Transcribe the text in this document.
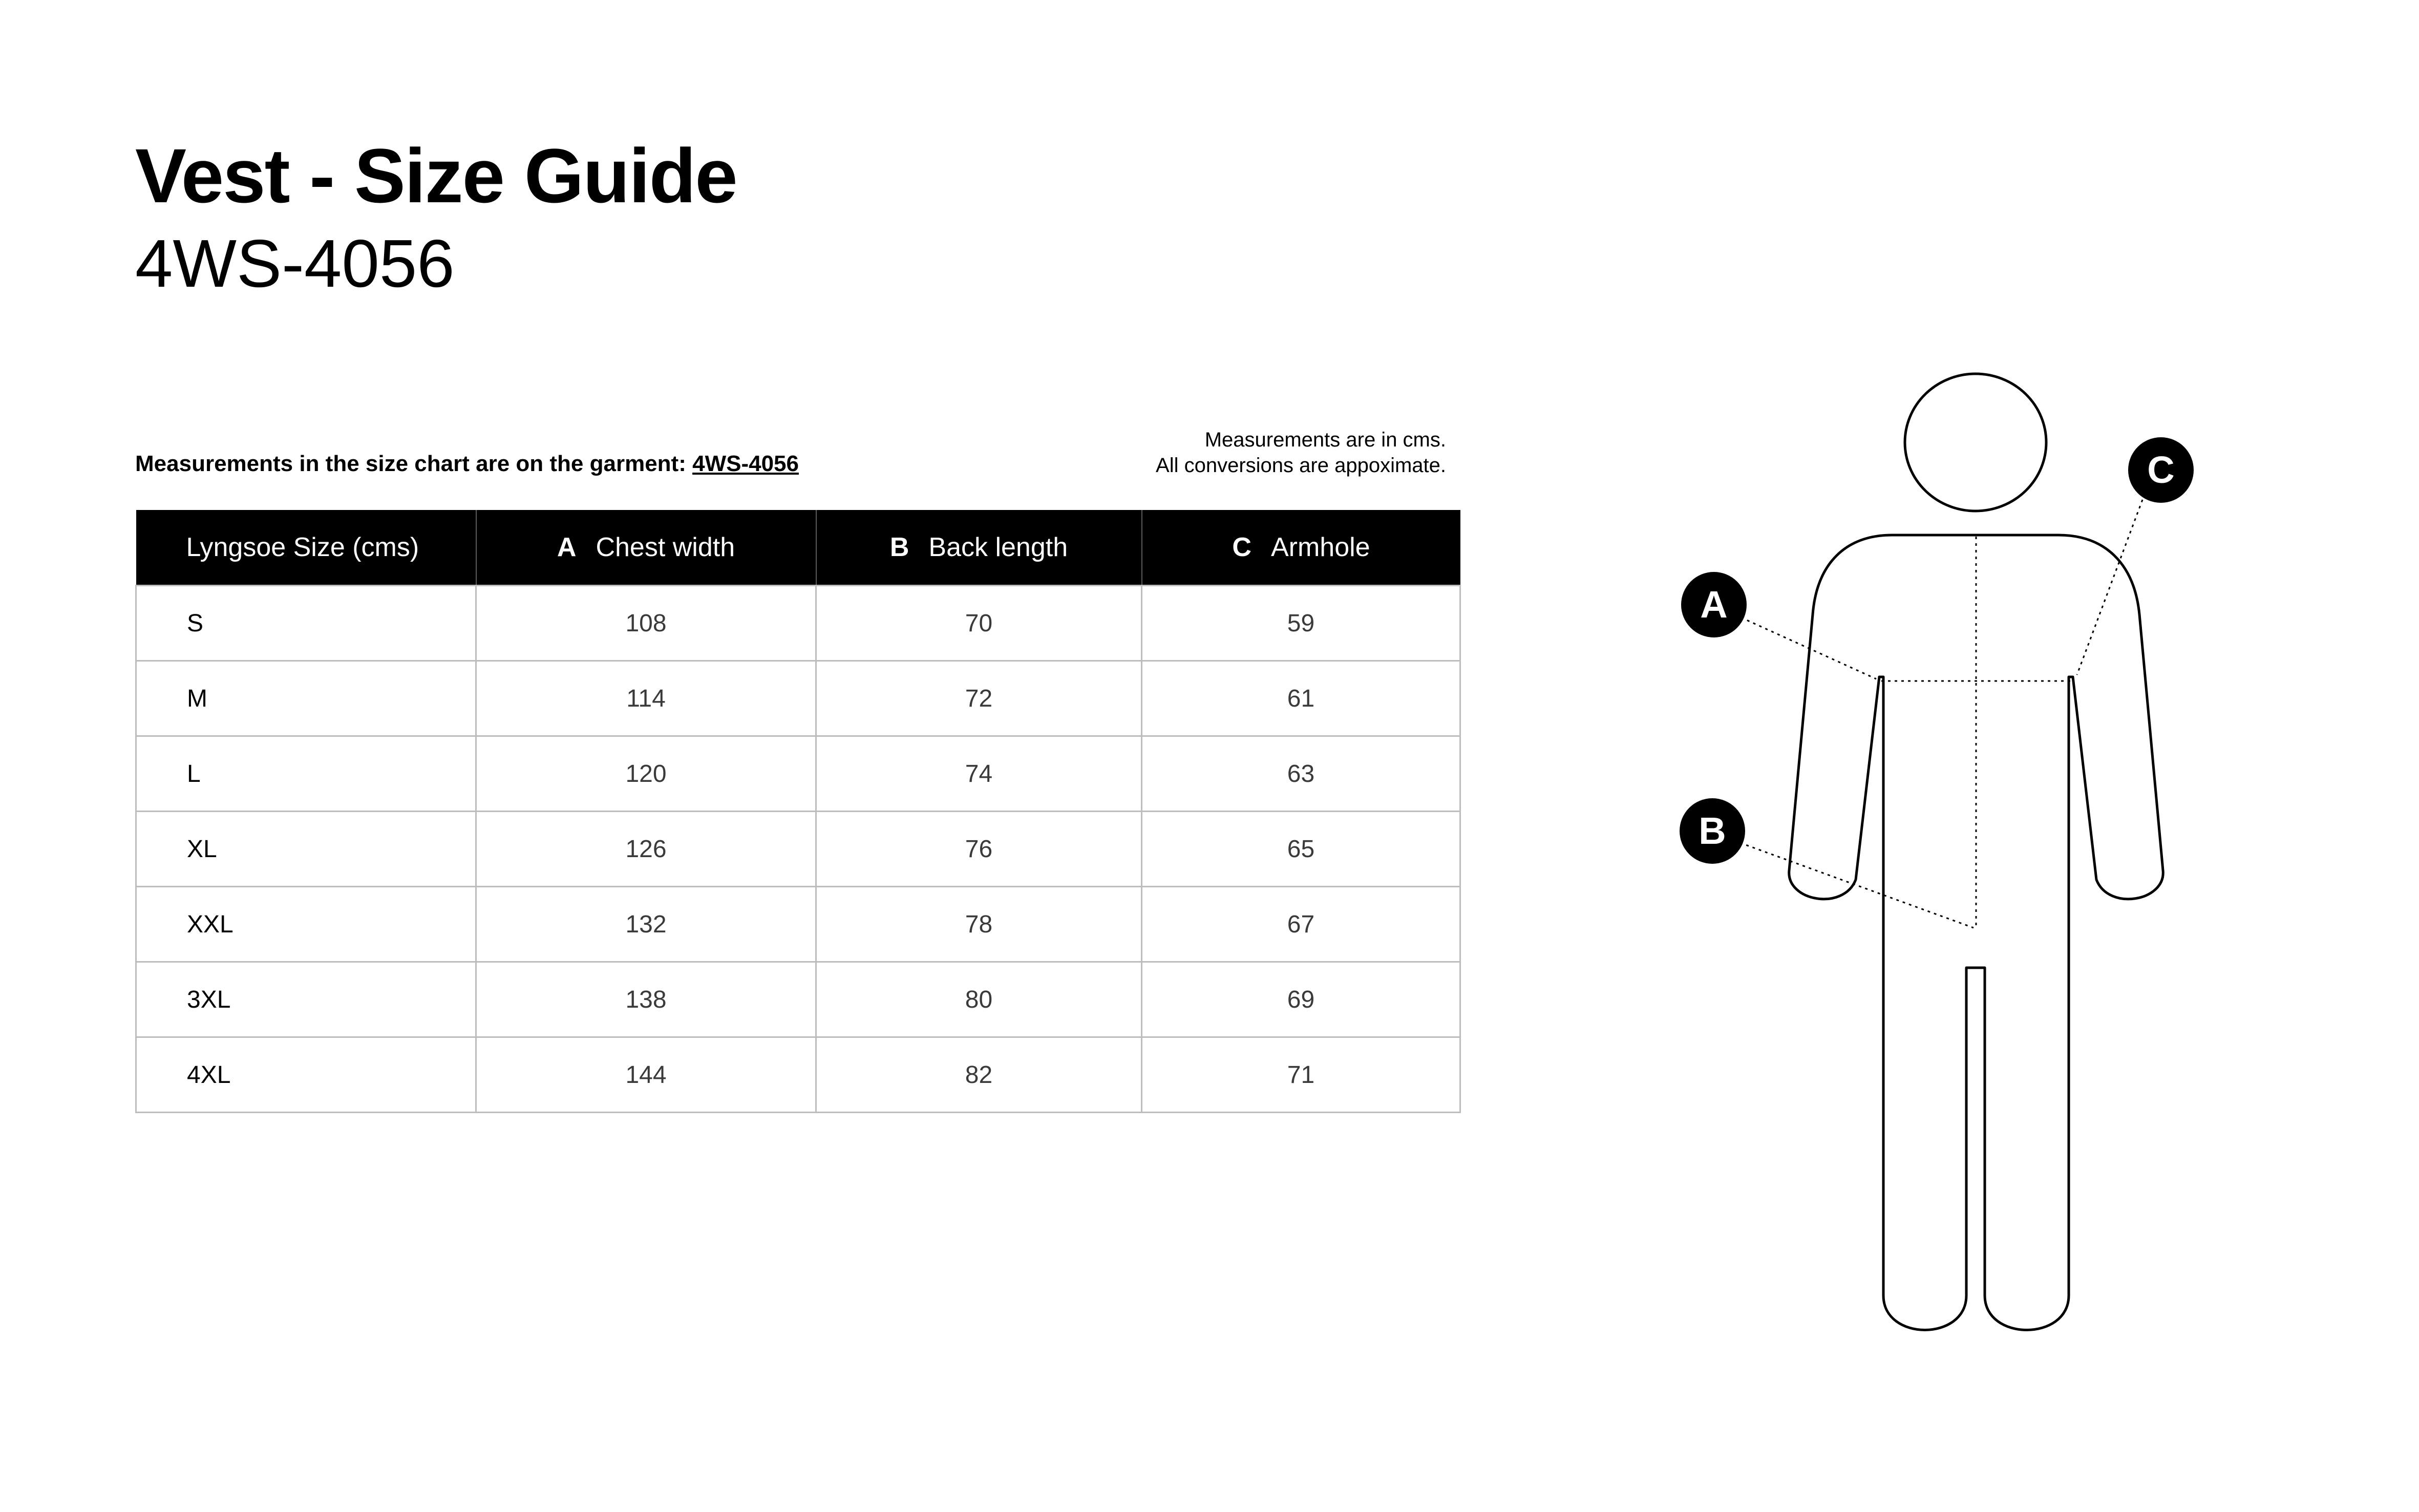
Vest - Size Guide
4WS-4056
Measurements in the size chart are on the garment: 4WS-4056
Measurements are in cms.
All conversions are appoximate.
Lyngsoe Size (cms)	A Chest width	B Back length	C Armhole
S	108	70	59
M	114	72	61
L	120	74	63
XL	126	76	65
XXL	132	78	67
3XL	138	80	69
4XL	144	82	71
A
B
C
